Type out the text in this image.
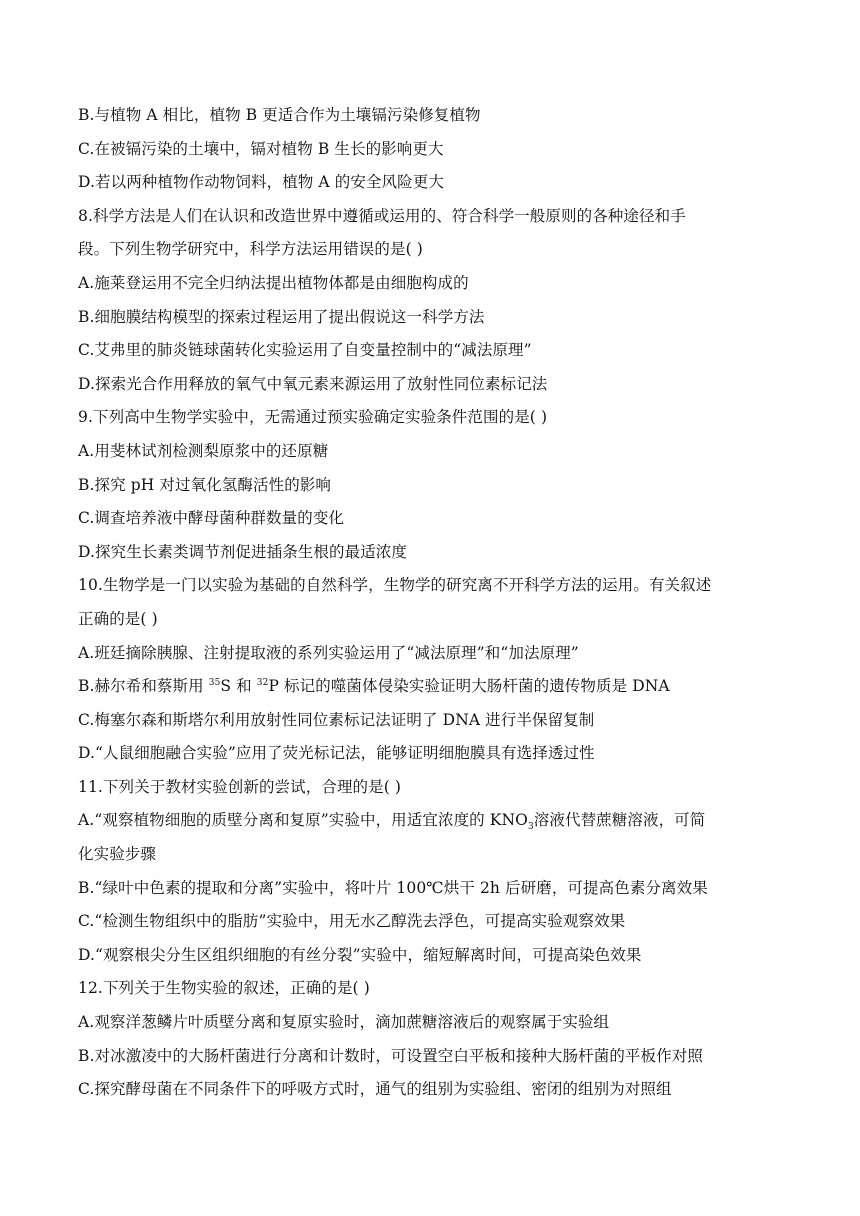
B.与植物 A 相比，植物 B 更适合作为土壤镉污染修复植物
C.在被镉污染的土壤中，镉对植物 B 生长的影响更大
D.若以两种植物作动物饲料，植物 A 的安全风险更大
8.科学方法是人们在认识和改造世界中遵循或运用的、符合科学一般原则的各种途径和手
段。下列生物学研究中，科学方法运用错误的是( )
A.施莱登运用不完全归纳法提出植物体都是由细胞构成的
B.细胞膜结构模型的探索过程运用了提出假说这一科学方法
C.艾弗里的肺炎链球菌转化实验运用了自变量控制中的“减法原理”
D.探索光合作用释放的氧气中氧元素来源运用了放射性同位素标记法
9.下列高中生物学实验中，无需通过预实验确定实验条件范围的是( )
A.用斐林试剂检测梨原浆中的还原糖
B.探究 pH 对过氧化氢酶活性的影响
C.调查培养液中酵母菌种群数量的变化
D.探究生长素类调节剂促进插条生根的最适浓度
10.生物学是一门以实验为基础的自然科学，生物学的研究离不开科学方法的运用。有关叙述
正确的是( )
A.班廷摘除胰腺、注射提取液的系列实验运用了“减法原理”和“加法原理”
B.赫尔希和蔡斯用 $^{35}$S 和 $^{32}$P 标记的噬菌体侵染实验证明大肠杆菌的遗传物质是 DNA
C.梅塞尔森和斯塔尔利用放射性同位素标记法证明了 DNA 进行半保留复制
D.“人鼠细胞融合实验”应用了荧光标记法，能够证明细胞膜具有选择透过性
11.下列关于教材实验创新的尝试，合理的是( )
A.“观察植物细胞的质壁分离和复原”实验中，用适宜浓度的 $KNO_3$溶液代替蔗糖溶液，可简
化实验步骤
B.“绿叶中色素的提取和分离”实验中，将叶片 100℃烘干 2h 后研磨，可提高色素分离效果
C.“检测生物组织中的脂肪”实验中，用无水乙醇洗去浮色，可提高实验观察效果
D.“观察根尖分生区组织细胞的有丝分裂”实验中，缩短解离时间，可提高染色效果
12.下列关于生物实验的叙述，正确的是( )
A.观察洋葱鳞片叶质壁分离和复原实验时，滴加蔗糖溶液后的观察属于实验组
B.对冰激凌中的大肠杆菌进行分离和计数时，可设置空白平板和接种大肠杆菌的平板作对照
C.探究酵母菌在不同条件下的呼吸方式时，通气的组别为实验组、密闭的组别为对照组
